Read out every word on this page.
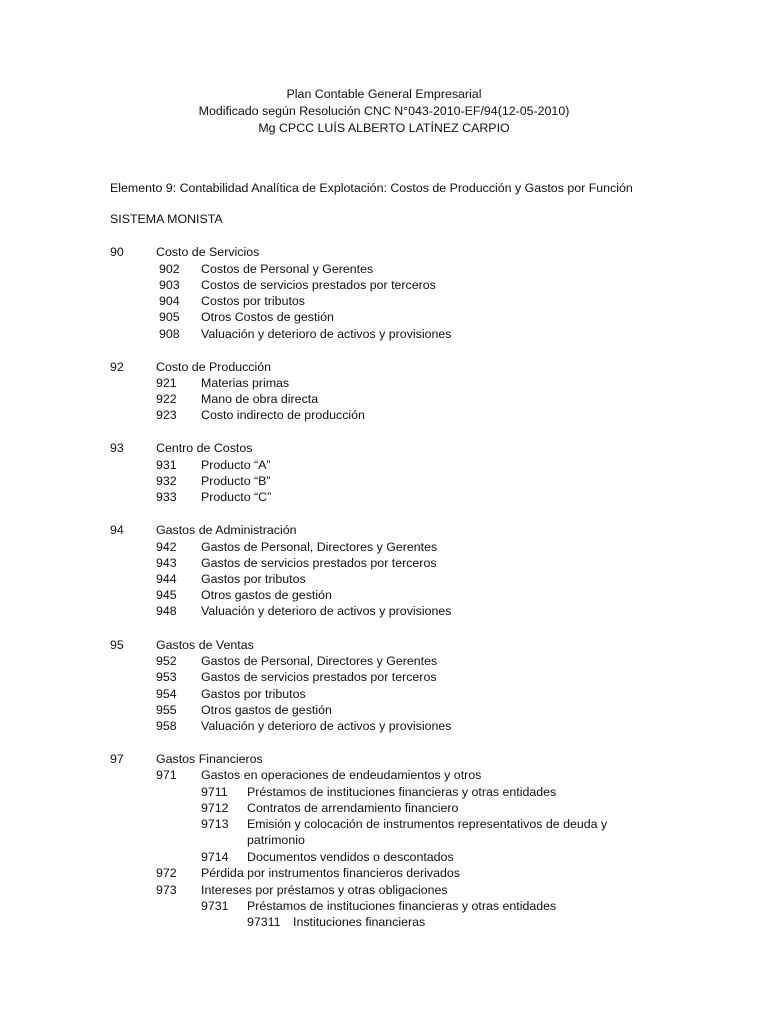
Plan Contable General Empresarial
Modificado según Resolución CNC N°043-2010-EF/94(12-05-2010)
Mg CPCC LUÍS ALBERTO LATÍNEZ CARPIO
Elemento 9: Contabilidad Analítica de Explotación: Costos de Producción y Gastos por Función
SISTEMA MONISTA
90	Costo de Servicios
902 Costos de Personal y Gerentes
903 Costos de servicios prestados por terceros
904 Costos por tributos
905 Otros Costos de gestión
908 Valuación y deterioro de activos y provisiones
92	Costo de Producción
921 Materias primas
922 Mano de obra directa
923 Costo indirecto de producción
93	Centro de Costos
931 Producto “A”
932 Producto “B”
933 Producto “C”
94	Gastos de Administración
942 Gastos de Personal, Directores y Gerentes
943 Gastos de servicios prestados por terceros
944 Gastos por tributos
945 Otros gastos de gestión
948 Valuación y deterioro de activos y provisiones
95	Gastos de Ventas
952 Gastos de Personal, Directores y Gerentes
953 Gastos de servicios prestados por terceros
954 Gastos por tributos
955 Otros gastos de gestión
958 Valuación y deterioro de activos y provisiones
97	Gastos Financieros
971 Gastos en operaciones de endeudamientos y otros
9711 Préstamos de instituciones financieras y otras entidades
9712 Contratos de arrendamiento financiero
9713 Emisión y colocación de instrumentos representativos de deuda y
patrimonio
9714 Documentos vendidos o descontados
972 Pérdida por instrumentos financieros derivados
973 Intereses por préstamos y otras obligaciones
9731 Préstamos de instituciones financieras y otras entidades
97311 Instituciones financieras
